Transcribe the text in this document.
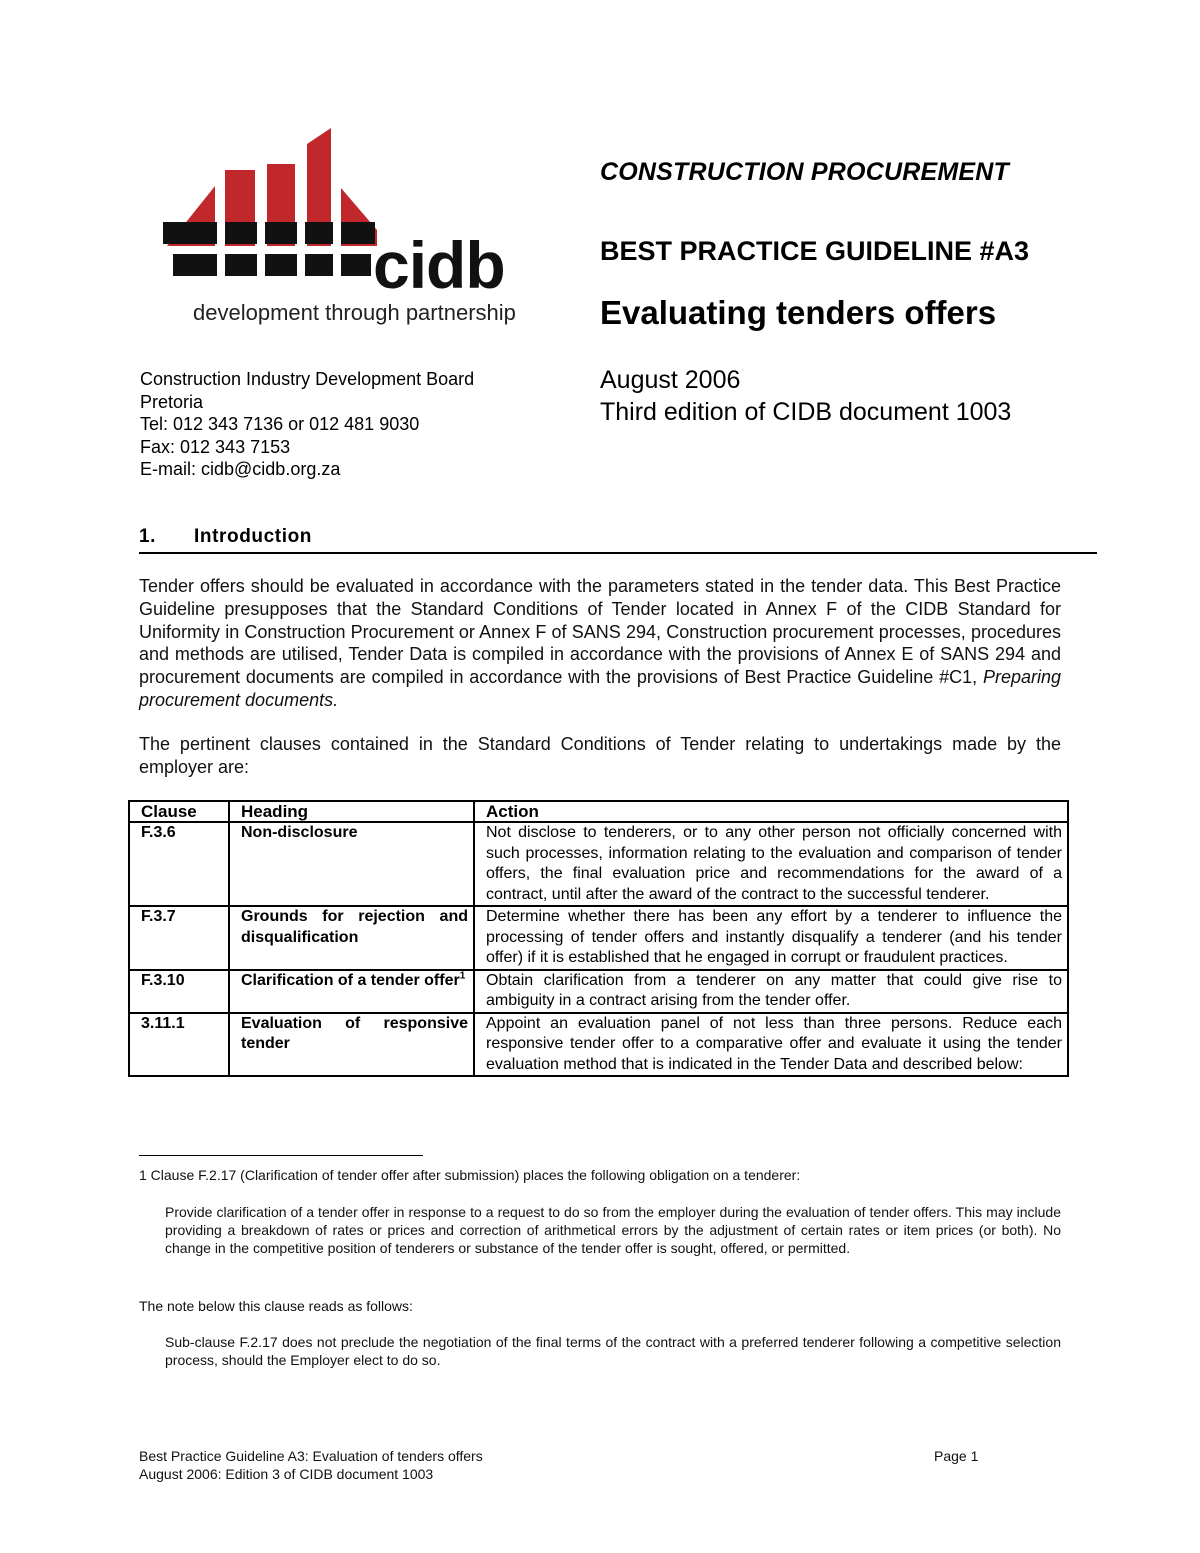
cidb
development through partnership
CONSTRUCTION PROCUREMENT
BEST PRACTICE GUIDELINE #A3
Evaluating tenders offers
August 2006
Third edition of CIDB document 1003
Construction Industry Development Board
Pretoria
Tel: 012 343 7136 or 012 481 9030
Fax: 012 343 7153
E-mail: cidb@cidb.org.za
1. Introduction
Tender offers should be evaluated in accordance with the parameters stated in the tender data. This Best Practice Guideline presupposes that the Standard Conditions of Tender located in Annex F of the CIDB Standard for Uniformity in Construction Procurement or Annex F of SANS 294, Construction procurement processes, procedures and methods are utilised, Tender Data is compiled in accordance with the provisions of Annex E of SANS 294 and procurement documents are compiled in accordance with the provisions of Best Practice Guideline #C1, Preparing procurement documents.
The pertinent clauses contained in the Standard Conditions of Tender relating to undertakings made by the employer are:
Clause	Heading	Action
F.3.6	Non-disclosure	Not disclose to tenderers, or to any other person not officially concerned with such processes, information relating to the evaluation and comparison of tender offers, the final evaluation price and recommendations for the award of a contract, until after the award of the contract to the successful tenderer.
F.3.7	Grounds for rejection and disqualification	Determine whether there has been any effort by a tenderer to influence the processing of tender offers and instantly disqualify a tenderer (and his tender offer) if it is established that he engaged in corrupt or fraudulent practices.
F.3.10	Clarification of a tender offer$^1$	Obtain clarification from a tenderer on any matter that could give rise to ambiguity in a contract arising from the tender offer.
3.11.1	Evaluation of responsive tender	Appoint an evaluation panel of not less than three persons. Reduce each responsive tender offer to a comparative offer and evaluate it using the tender evaluation method that is indicated in the Tender Data and described below:
1 Clause F.2.17 (Clarification of tender offer after submission) places the following obligation on a tenderer:
Provide clarification of a tender offer in response to a request to do so from the employer during the evaluation of tender offers. This may include providing a breakdown of rates or prices and correction of arithmetical errors by the adjustment of certain rates or item prices (or both). No change in the competitive position of tenderers or substance of the tender offer is sought, offered, or permitted.
The note below this clause reads as follows:
Sub-clause F.2.17 does not preclude the negotiation of the final terms of the contract with a preferred tenderer following a competitive selection process, should the Employer elect to do so.
Best Practice Guideline A3: Evaluation of tenders offers
August 2006: Edition 3 of CIDB document 1003
Page 1
